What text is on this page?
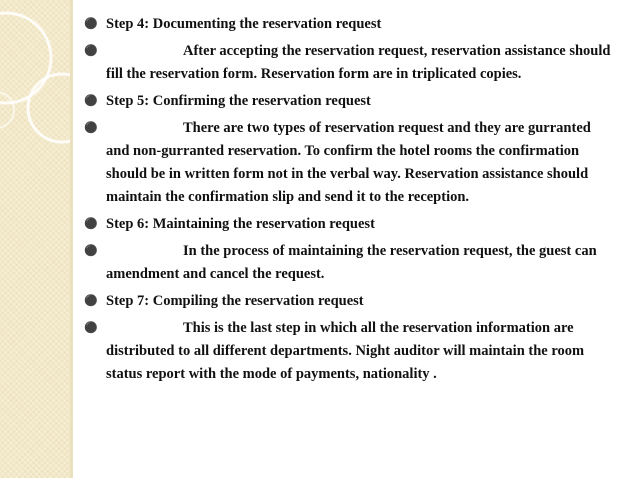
⚫ Step 4: Documenting the reservation request
⚫	After accepting the reservation request, reservation assistance should fill the reservation form. Reservation form are in triplicated copies.
⚫ Step 5: Confirming the reservation request
⚫	There are two types of reservation request and they are gurranted and non-gurranted reservation. To confirm the hotel rooms the confirmation should be in written form not in the verbal way. Reservation assistance should maintain the confirmation slip and send it to the reception.
⚫ Step 6: Maintaining the reservation request
⚫	In the process of maintaining the reservation request, the guest can amendment and cancel the request.
⚫ Step 7: Compiling the reservation request
⚫	This is the last step in which all the reservation information are distributed to all different departments. Night auditor will maintain the room status report with the mode of payments, nationality .
